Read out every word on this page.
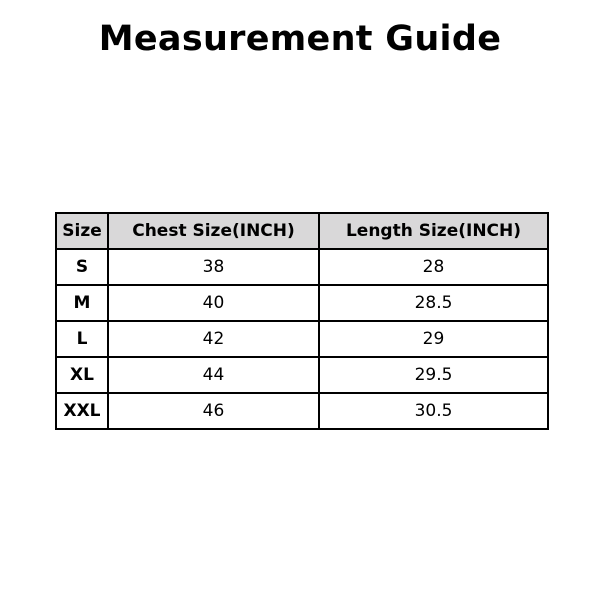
Measurement Guide
Size	Chest Size(INCH)	Length Size(INCH)
S	38	28
M	40	28.5
L	42	29
XL	44	29.5
XXL	46	30.5
